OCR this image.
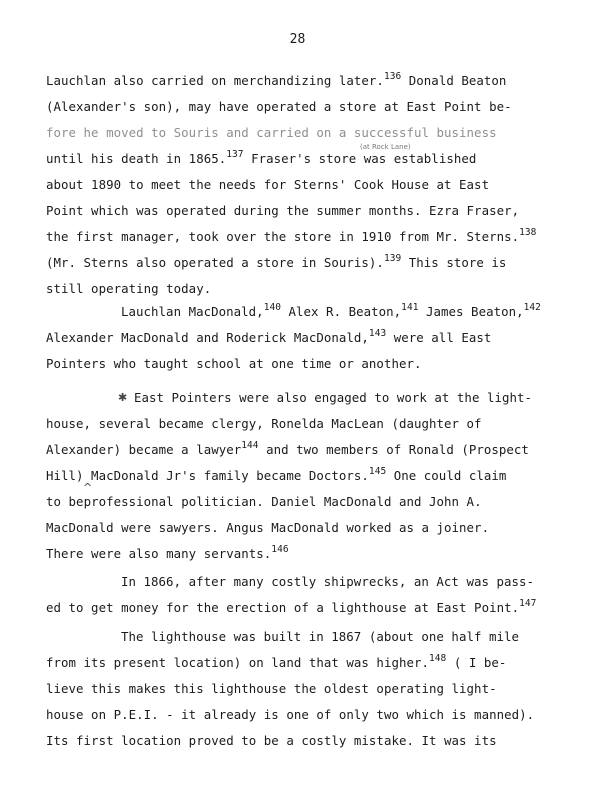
28
Lauchlan also carried on merchandizing later.$^{136}$ Donald Beaton
(Alexander's son), may have operated a store at East Point be-
fore he moved to Souris and carried on a successful business
(at Rock Lane)
until his death in 1865.$^{137}$ Fraser's store was established
about 1890 to meet the needs for Sterns' Cook House at East
Point which was operated during the summer months. Ezra Fraser,
the first manager, took over the store in 1910 from Mr. Sterns.$^{138}$
(Mr. Sterns also operated a store in Souris).$^{139}$ This store is
still operating today.
Lauchlan MacDonald,$^{140}$ Alex R. Beaton,$^{141}$ James Beaton,$^{142}$
Alexander MacDonald and Roderick MacDonald,$^{143}$ were all East
Pointers who taught school at one time or another.
✱ East Pointers were also engaged to work at the light-
house, several became clergy, Ronelda MacLean (daughter of
Alexander) became a lawyer$^{144}$ and two members of Ronald (Prospect
Hill) MacDonald Jr's family became Doctors.$^{145}$ One could claim
^
to beprofessional politician. Daniel MacDonald and John A.
MacDonald were sawyers. Angus MacDonald worked as a joiner.
There were also many servants.$^{146}$
In 1866, after many costly shipwrecks, an Act was pass-
ed to get money for the erection of a lighthouse at East Point.$^{147}$
The lighthouse was built in 1867 (about one half mile
from its present location) on land that was higher.$^{148}$ ( I be-
lieve this makes this lighthouse the oldest operating light-
house on P.E.I. - it already is one of only two which is manned).
Its first location proved to be a costly mistake. It was its
